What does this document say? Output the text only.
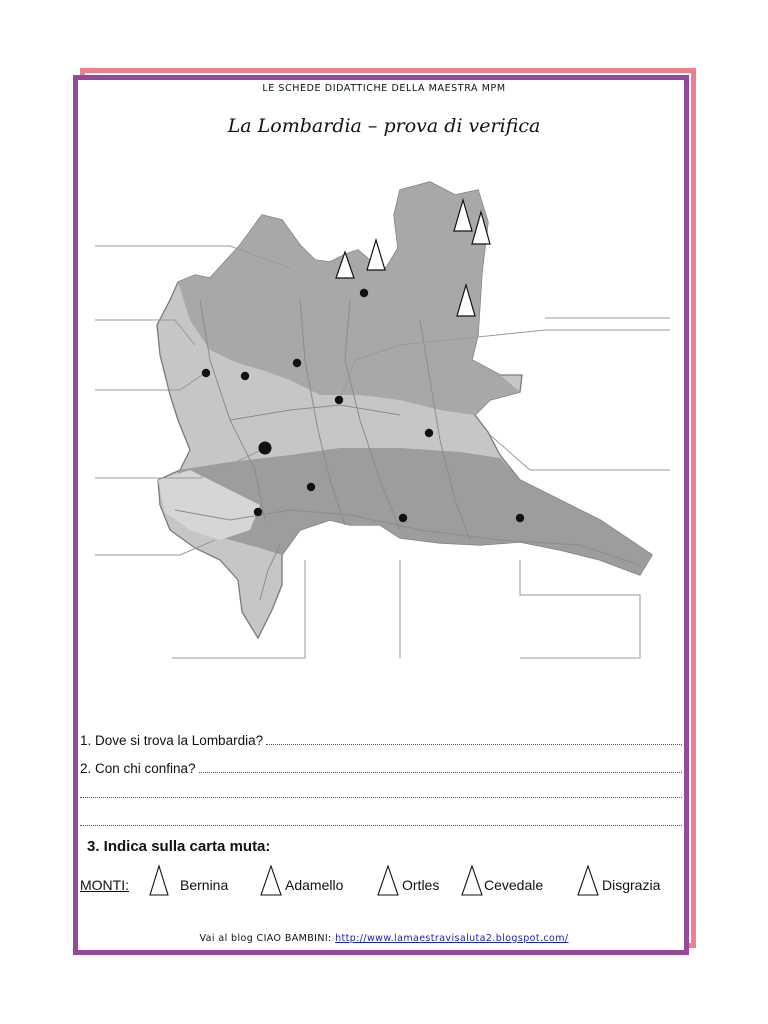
LE SCHEDE DIDATTICHE DELLA MAESTRA MPM
La Lombardia – prova di verifica
1. Dove si trova la Lombardia?
2. Con chi confina?
3. Indica sulla carta muta:
MONTI:	Bernina	Adamello	Ortles	Cevedale	Disgrazia
Vai al blog CIAO BAMBINI: http://www.lamaestravisaluta2.blogspot.com/
